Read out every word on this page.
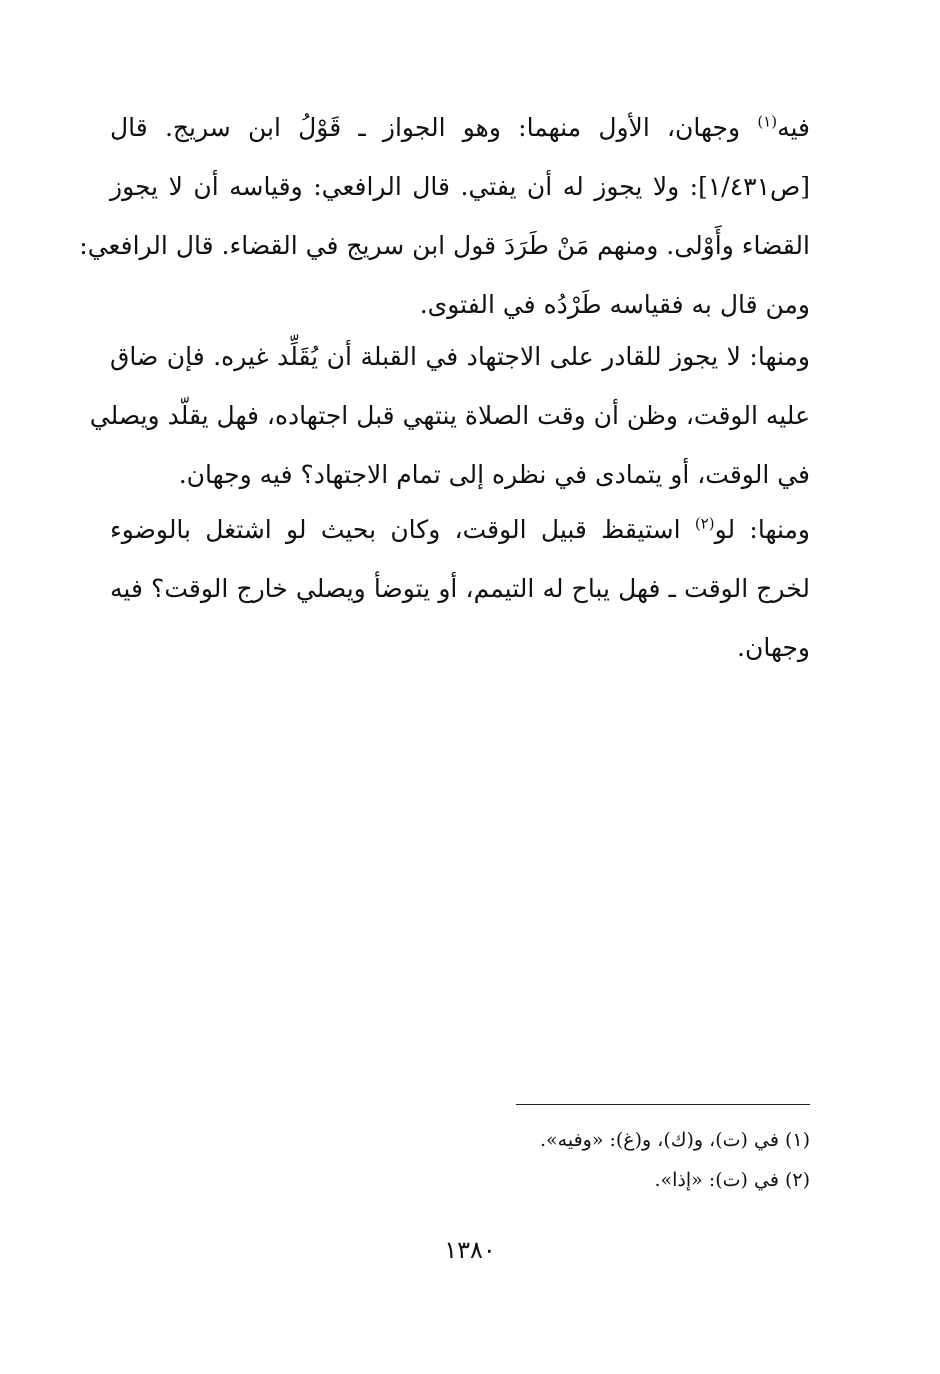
فيه$^{(١)}$ وجهان، الأول منهما: وهو الجواز ـ قَوْلُ ابن سريج. قال
[ص١/٤٣١]: ولا يجوز له أن يفتي. قال الرافعي: وقياسه أن لا يجوز
القضاء وأَوْلى. ومنهم مَنْ طَرَدَ قول ابن سريج في القضاء. قال الرافعي:
ومن قال به فقياسه طَرْدُه في الفتوى.
ومنها: لا يجوز للقادر على الاجتهاد في القبلة أن يُقَلِّد غيره. فإن ضاق
عليه الوقت، وظن أن وقت الصلاة ينتهي قبل اجتهاده، فهل يقلّد ويصلي
في الوقت، أو يتمادى في نظره إلى تمام الاجتهاد؟ فيه وجهان.
ومنها: لو$^{(٢)}$ استيقظ قبيل الوقت، وكان بحيث لو اشتغل بالوضوء
لخرج الوقت ـ فهل يباح له التيمم، أو يتوضأ ويصلي خارج الوقت؟ فيه
وجهان.
(١) في (ت)، و(ك)، و(غ): «وفيه».
(٢) في (ت): «إذا».
١٣٨٠
